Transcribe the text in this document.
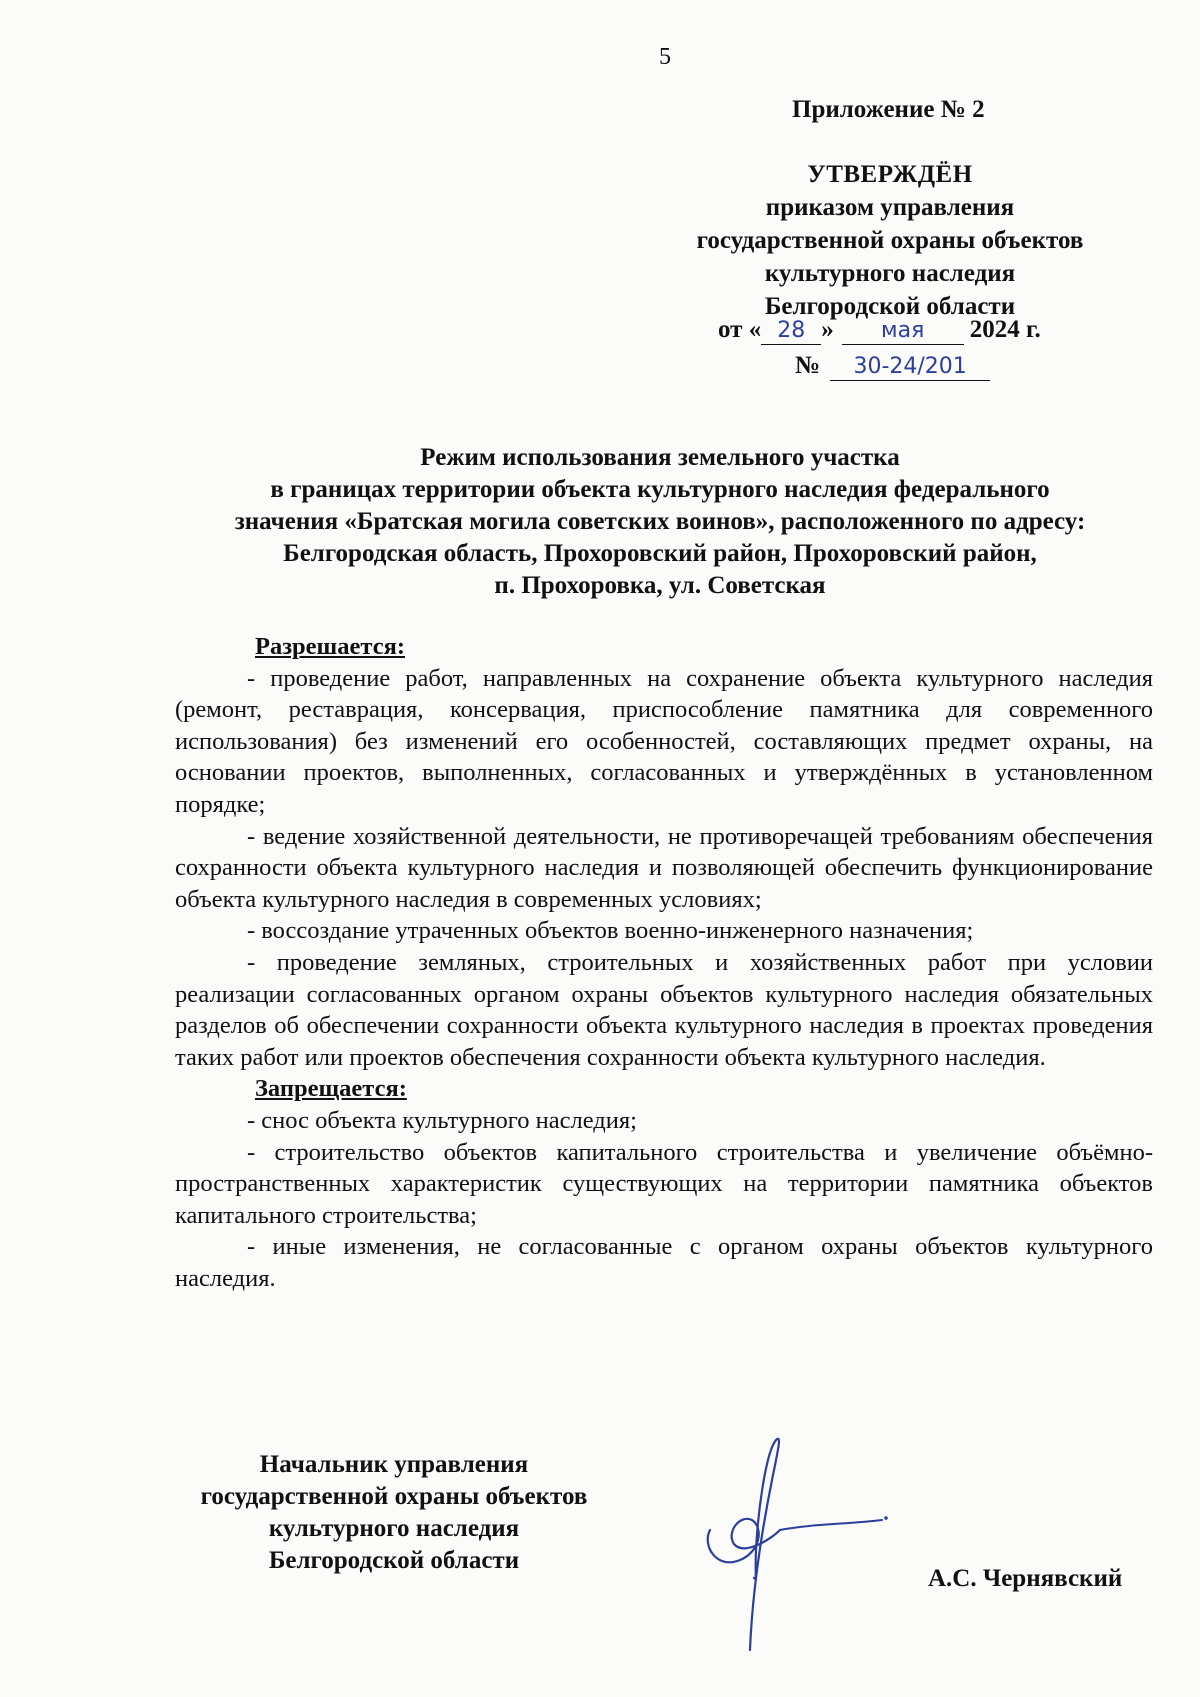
5
Приложение № 2
УТВЕРЖДЁН
приказом управления
государственной охраны объектов
культурного наследия
Белгородской области
от « 28 » мая 2024 г.
№ 30-24/201
Режим использования земельного участка
в границах территории объекта культурного наследия федерального
значения «Братская могила советских воинов», расположенного по адресу:
Белгородская область, Прохоровский район, Прохоровский район,
п. Прохоровка, ул. Советская
Разрешается:

- проведение работ, направленных на сохранение объекта культурного наследия (ремонт, реставрация, консервация, приспособление памятника для современного использования) без изменений его особенностей, составляющих предмет охраны, на основании проектов, выполненных, согласованных и утверждённых в установленном порядке;

- ведение хозяйственной деятельности, не противоречащей требованиям обеспечения сохранности объекта культурного наследия и позволяющей обеспечить функционирование объекта культурного наследия в современных условиях;

- воссоздание утраченных объектов военно-инженерного назначения;

- проведение земляных, строительных и хозяйственных работ при условии реализации согласованных органом охраны объектов культурного наследия обязательных разделов об обеспечении сохранности объекта культурного наследия в проектах проведения таких работ или проектов обеспечения сохранности объекта культурного наследия.

Запрещается:

- снос объекта культурного наследия;

- строительство объектов капитального строительства и увеличение объёмно-пространственных характеристик существующих на территории памятника объектов капитального строительства;

- иные изменения, не согласованные с органом охраны объектов культурного наследия.

Начальник управления
государственной охраны объектов
культурного наследия
Белгородской области
А.С. Чернявский
